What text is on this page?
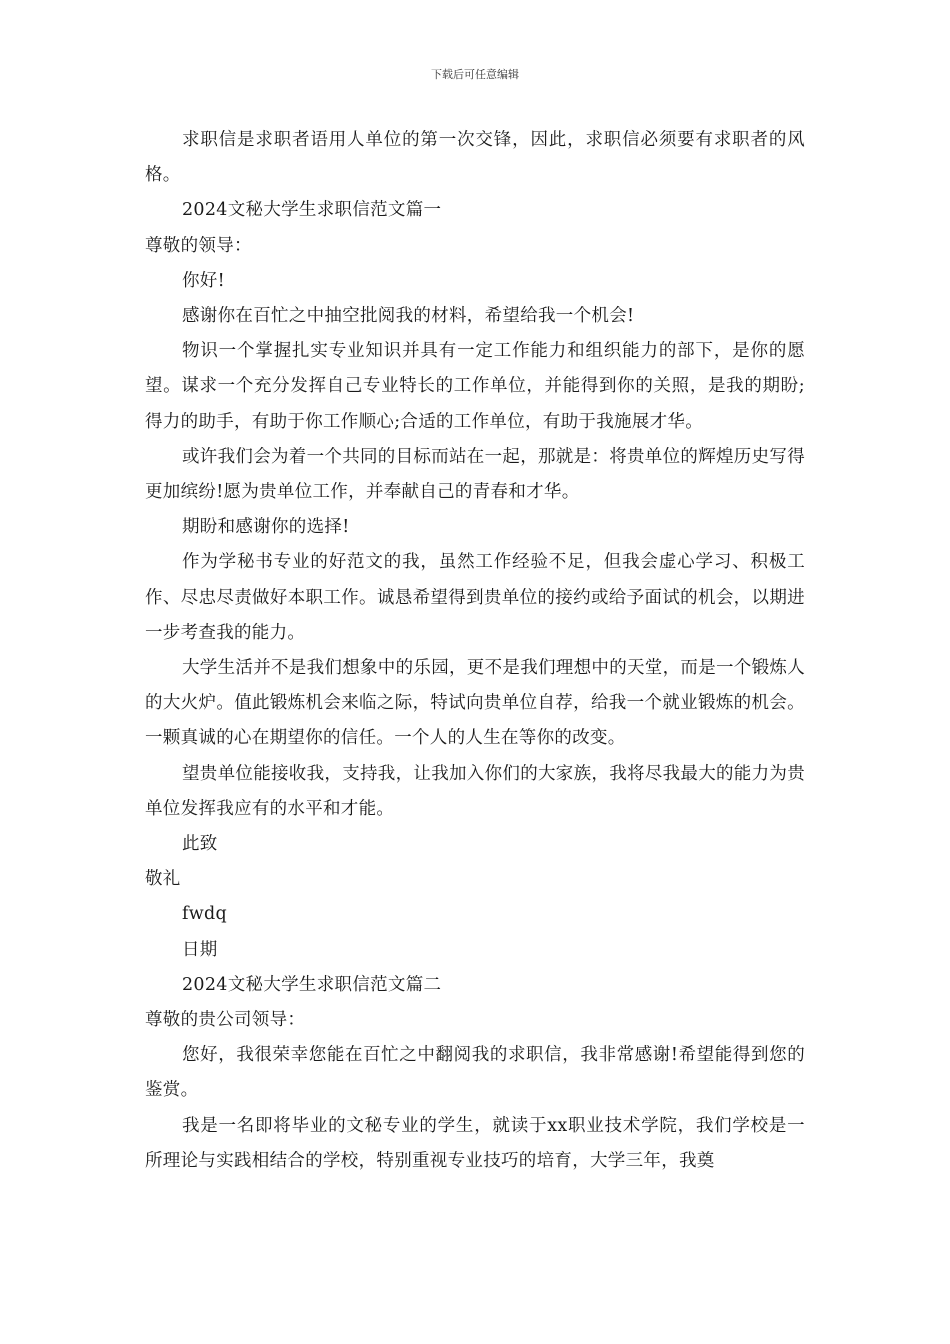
下载后可任意编辑

求职信是求职者语用人单位的第一次交锋，因此，求职信必须要有求职者的风格。

2024文秘大学生求职信范文篇一

尊敬的领导：

你好!

感谢你在百忙之中抽空批阅我的材料，希望给我一个机会!

物识一个掌握扎实专业知识并具有一定工作能力和组织能力的部下，是你的愿望。谋求一个充分发挥自己专业特长的工作单位，并能得到你的关照，是我的期盼;得力的助手，有助于你工作顺心;合适的工作单位，有助于我施展才华。

或许我们会为着一个共同的目标而站在一起，那就是：将贵单位的辉煌历史写得更加缤纷!愿为贵单位工作，并奉献自己的青春和才华。

期盼和感谢你的选择!

作为学秘书专业的好范文的我，虽然工作经验不足，但我会虚心学习、积极工作、尽忠尽责做好本职工作。诚恳希望得到贵单位的接约或给予面试的机会，以期进一步考查我的能力。

大学生活并不是我们想象中的乐园，更不是我们理想中的天堂，而是一个锻炼人的大火炉。值此锻炼机会来临之际，特试向贵单位自荐，给我一个就业锻炼的机会。一颗真诚的心在期望你的信任。一个人的人生在等你的改变。

望贵单位能接收我，支持我，让我加入你们的大家族，我将尽我最大的能力为贵单位发挥我应有的水平和才能。

此致

敬礼

fwdq

日期

2024文秘大学生求职信范文篇二

尊敬的贵公司领导：

您好，我很荣幸您能在百忙之中翻阅我的求职信，我非常感谢!希望能得到您的鉴赏。

我是一名即将毕业的文秘专业的学生，就读于xx职业技术学院，我们学校是一所理论与实践相结合的学校，特别重视专业技巧的培育，大学三年，我奠
